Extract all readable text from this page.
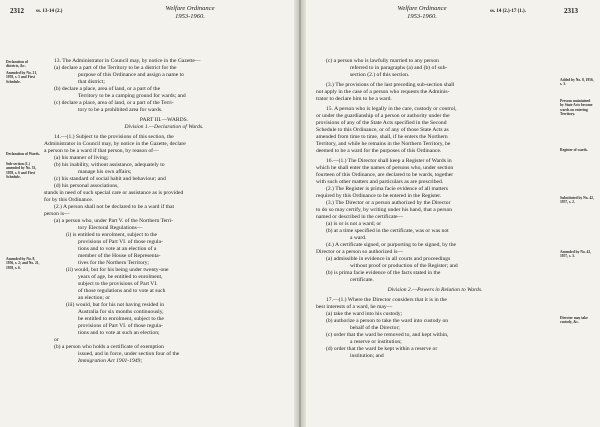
2312 ss. 13-14 (2.)	Welfare Ordinance
1953-1960.
Declaration of districts, &c.
Amended by No. 21, 1959, s. 5 and First Schedule.
Declaration of Wards.
Sub-section (1.) amended by No. 33, 1959, s. 6 and First Schedule.
Amended by No. 8, 1956, s. 2; and No. 21, 1959, s. 6.

13. The Administrator in Council may, by notice in the Gazette—

(a) declare a part of the Territory to be a district for the

purpose of this Ordinance and assign a name to

that district;

(b) declare a place, area of land, or a part of the

Territory to be a camping ground for wards; and

(c) declare a place, area of land, or a part of the Terri-

tory to be a prohibited area for wards.

PART III.—WARDS.

Division 1.—Declaration of Wards.

14.—(1.) Subject to the provisions of this section, the

Administrator in Council may, by notice in the Gazette, declare

a person to be a ward if that person, by reason of—

(a) his manner of living;

(b) his inability, without assistance, adequately to

manage his own affairs;

(c) his standard of social habit and behaviour; and

(d) his personal associations,

stands in need of such special care or assistance as is provided

for by this Ordinance.

(2.) A person shall not be declared to be a ward if that

person is—

(a) a person who, under Part V. of the Northern Terri-

tory Electoral Regulations—

(i) is entitled to enrolment, subject to the

provisions of Part VI. of those regula-

tions and to vote at an election of a

member of the House of Representa-

tives for the Northern Territory;

(ii) would, but for his being under twenty-one

years of age, be entitled to enrolment,

subject to the provisions of Part VI.

of those regulations and to vote at such

an election; or

(iii) would, but for his not having resided in

Australia for six months continuously,

be entitled to enrolment, subject to the

provisions of Part VI. of those regula-

tions and to vote at such an election;

or

(b) a person who holds a certificate of exemption

issued, and in force, under section four of the

Immigration Act 1901-1949;

Welfare Ordinance
1953-1960.
ss. 14 (2.)-17 (1.).	2313
Added by No. 8, 1956, s. 3.
Persons maintained by State Acts become wards on entering Territory.
Register of wards.
Substituted by No. 42, 1957, s. 2.
Amended by No. 42, 1957, s. 3.
Director may take custody, &c.

(c) a person who is lawfully married to any person

referred to in paragraphs (a) and (b) of sub-

section (2.) of this section.

(3.) The provisions of the last preceding sub-section shall

not apply in the case of a person who requests the Adminis-

trator to declare him to be a ward.

15. A person who is legally in the care, custody or control,

or under the guardianship of a person or authority under the

provisions of any of the State Acts specified in the Second

Schedule to this Ordinance, or of any of those State Acts as

amended from time to time, shall, if he enters the Northern

Territory, and while he remains in the Northern Territory, be

deemed to be a ward for the purposes of this Ordinance.

16.—(1.) The Director shall keep a Register of Wards in

which he shall enter the names of persons who, under section

fourteen of this Ordinance, are declared to be wards, together

with such other matters and particulars as are prescribed.

(2.) The Register is prima facie evidence of all matters

required by this Ordinance to be entered in the Register.

(3.) The Director or a person authorized by the Director

to do so may certify, by writing under his hand, that a person

named or described in the certificate—

(a) is or is not a ward; or

(b) at a time specified in the certificate, was or was not

a ward.

(4.) A certificate signed, or purporting to be signed, by the

Director or a person so authorized is—

(a) admissible in evidence in all courts and proceedings

without proof or production of the Register; and

(b) is prima facie evidence of the facts stated in the

certificate.

Division 2.—Powers in Relation to Wards.

17.—(1.) Where the Director considers that it is in the

best interests of a ward, he may—

(a) take the ward into his custody;

(b) authorize a person to take the ward into custody on

behalf of the Director;

(c) order that the ward be removed to, and kept within,

a reserve or institution;

(d) order that the ward be kept within a reserve or

institution; and
